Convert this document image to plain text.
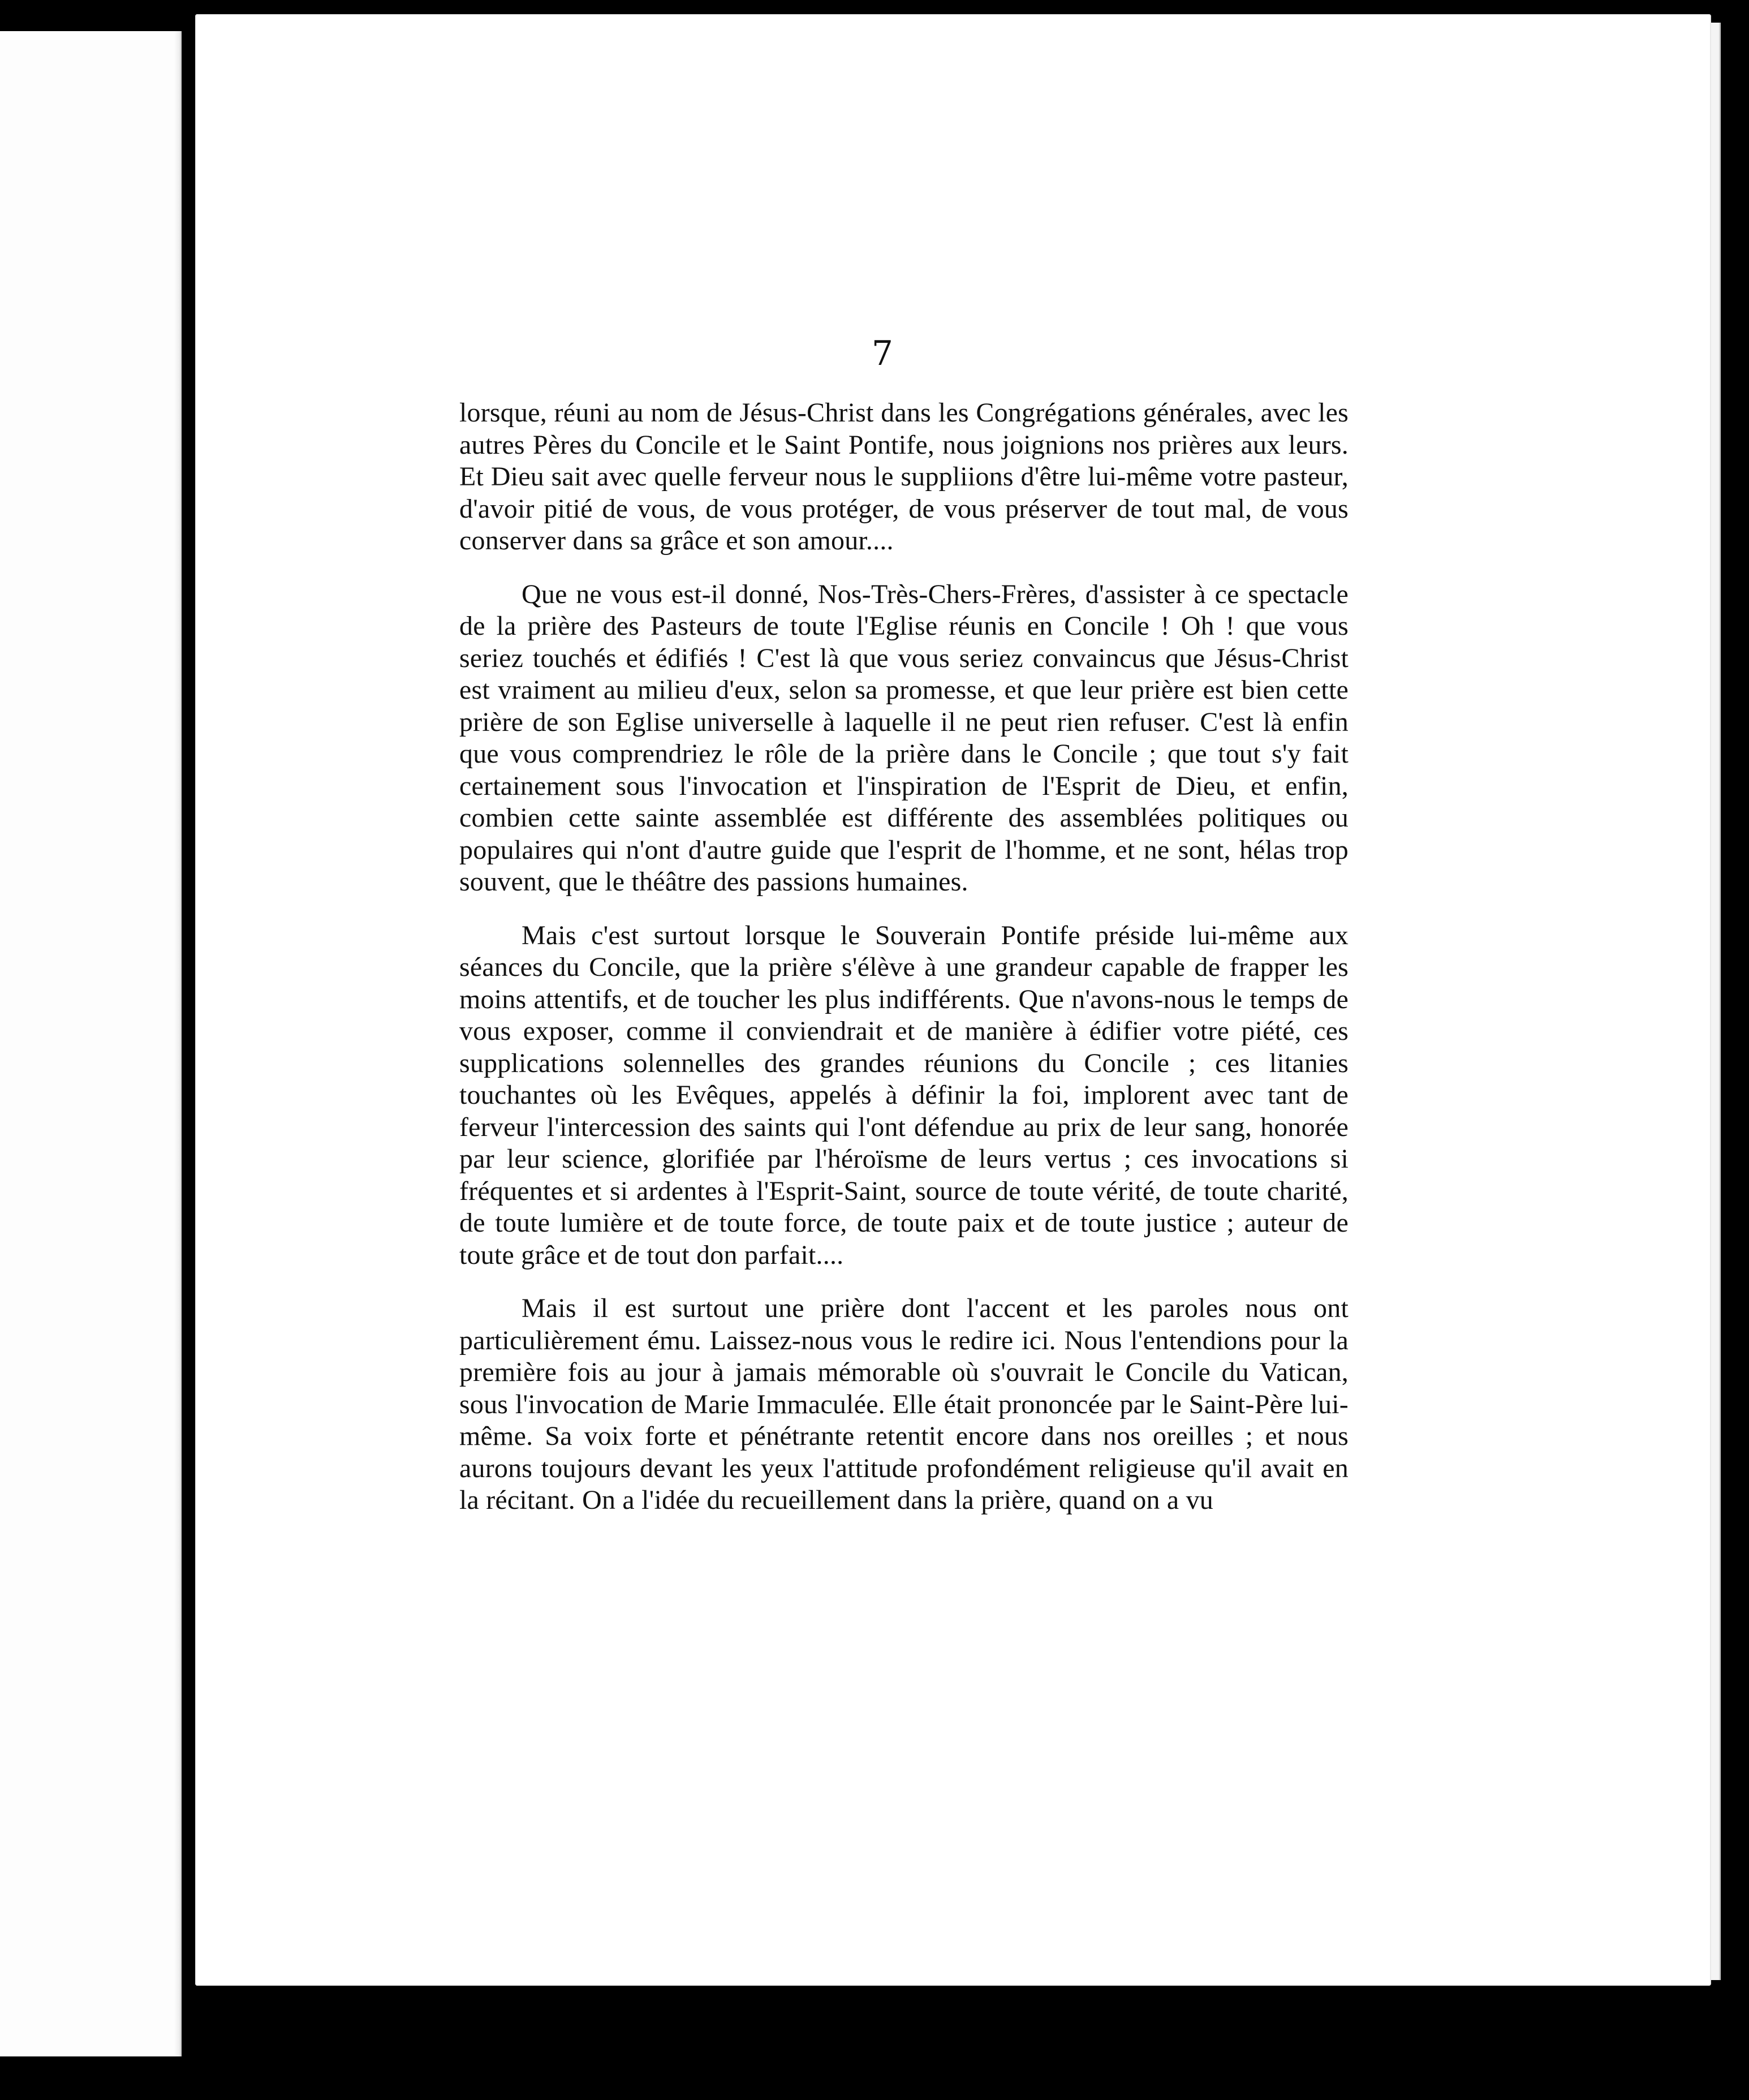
7

lorsque, réuni au nom de Jésus-Christ dans les Congrégations générales, avec les autres Pères du Concile et le Saint Pontife, nous joignions nos prières aux leurs. Et Dieu sait avec quelle ferveur nous le suppliions d'être lui-même votre pasteur, d'avoir pitié de vous, de vous protéger, de vous préserver de tout mal, de vous conserver dans sa grâce et son amour....

Que ne vous est-il donné, Nos-Très-Chers-Frères, d'assister à ce spectacle de la prière des Pasteurs de toute l'Eglise réunis en Concile ! Oh ! que vous seriez touchés et édifiés ! C'est là que vous seriez convaincus que Jésus-Christ est vraiment au milieu d'eux, selon sa promesse, et que leur prière est bien cette prière de son Eglise universelle à laquelle il ne peut rien refuser. C'est là enfin que vous comprendriez le rôle de la prière dans le Concile ; que tout s'y fait certainement sous l'invocation et l'inspiration de l'Esprit de Dieu, et enfin, combien cette sainte assemblée est différente des assemblées politiques ou populaires qui n'ont d'autre guide que l'esprit de l'homme, et ne sont, hélas trop souvent, que le théâtre des passions humaines.

Mais c'est surtout lorsque le Souverain Pontife préside lui-même aux séances du Concile, que la prière s'élève à une grandeur capable de frapper les moins attentifs, et de toucher les plus indifférents. Que n'avons-nous le temps de vous exposer, comme il conviendrait et de manière à édifier votre piété, ces supplications solennelles des grandes réunions du Concile ; ces litanies touchantes où les Evêques, appelés à définir la foi, implorent avec tant de ferveur l'intercession des saints qui l'ont défendue au prix de leur sang, honorée par leur science, glorifiée par l'héroïsme de leurs vertus ; ces invocations si fréquentes et si ardentes à l'Esprit-Saint, source de toute vérité, de toute charité, de toute lumière et de toute force, de toute paix et de toute justice ; auteur de toute grâce et de tout don parfait....

Mais il est surtout une prière dont l'accent et les paroles nous ont particulièrement ému. Laissez-nous vous le redire ici. Nous l'entendions pour la première fois au jour à jamais mémorable où s'ouvrait le Concile du Vatican, sous l'invocation de Marie Immaculée. Elle était prononcée par le Saint-Père lui-même. Sa voix forte et pénétrante retentit encore dans nos oreilles ; et nous aurons toujours devant les yeux l'attitude profondément religieuse qu'il avait en la récitant. On a l'idée du recueillement dans la prière, quand on a vu
